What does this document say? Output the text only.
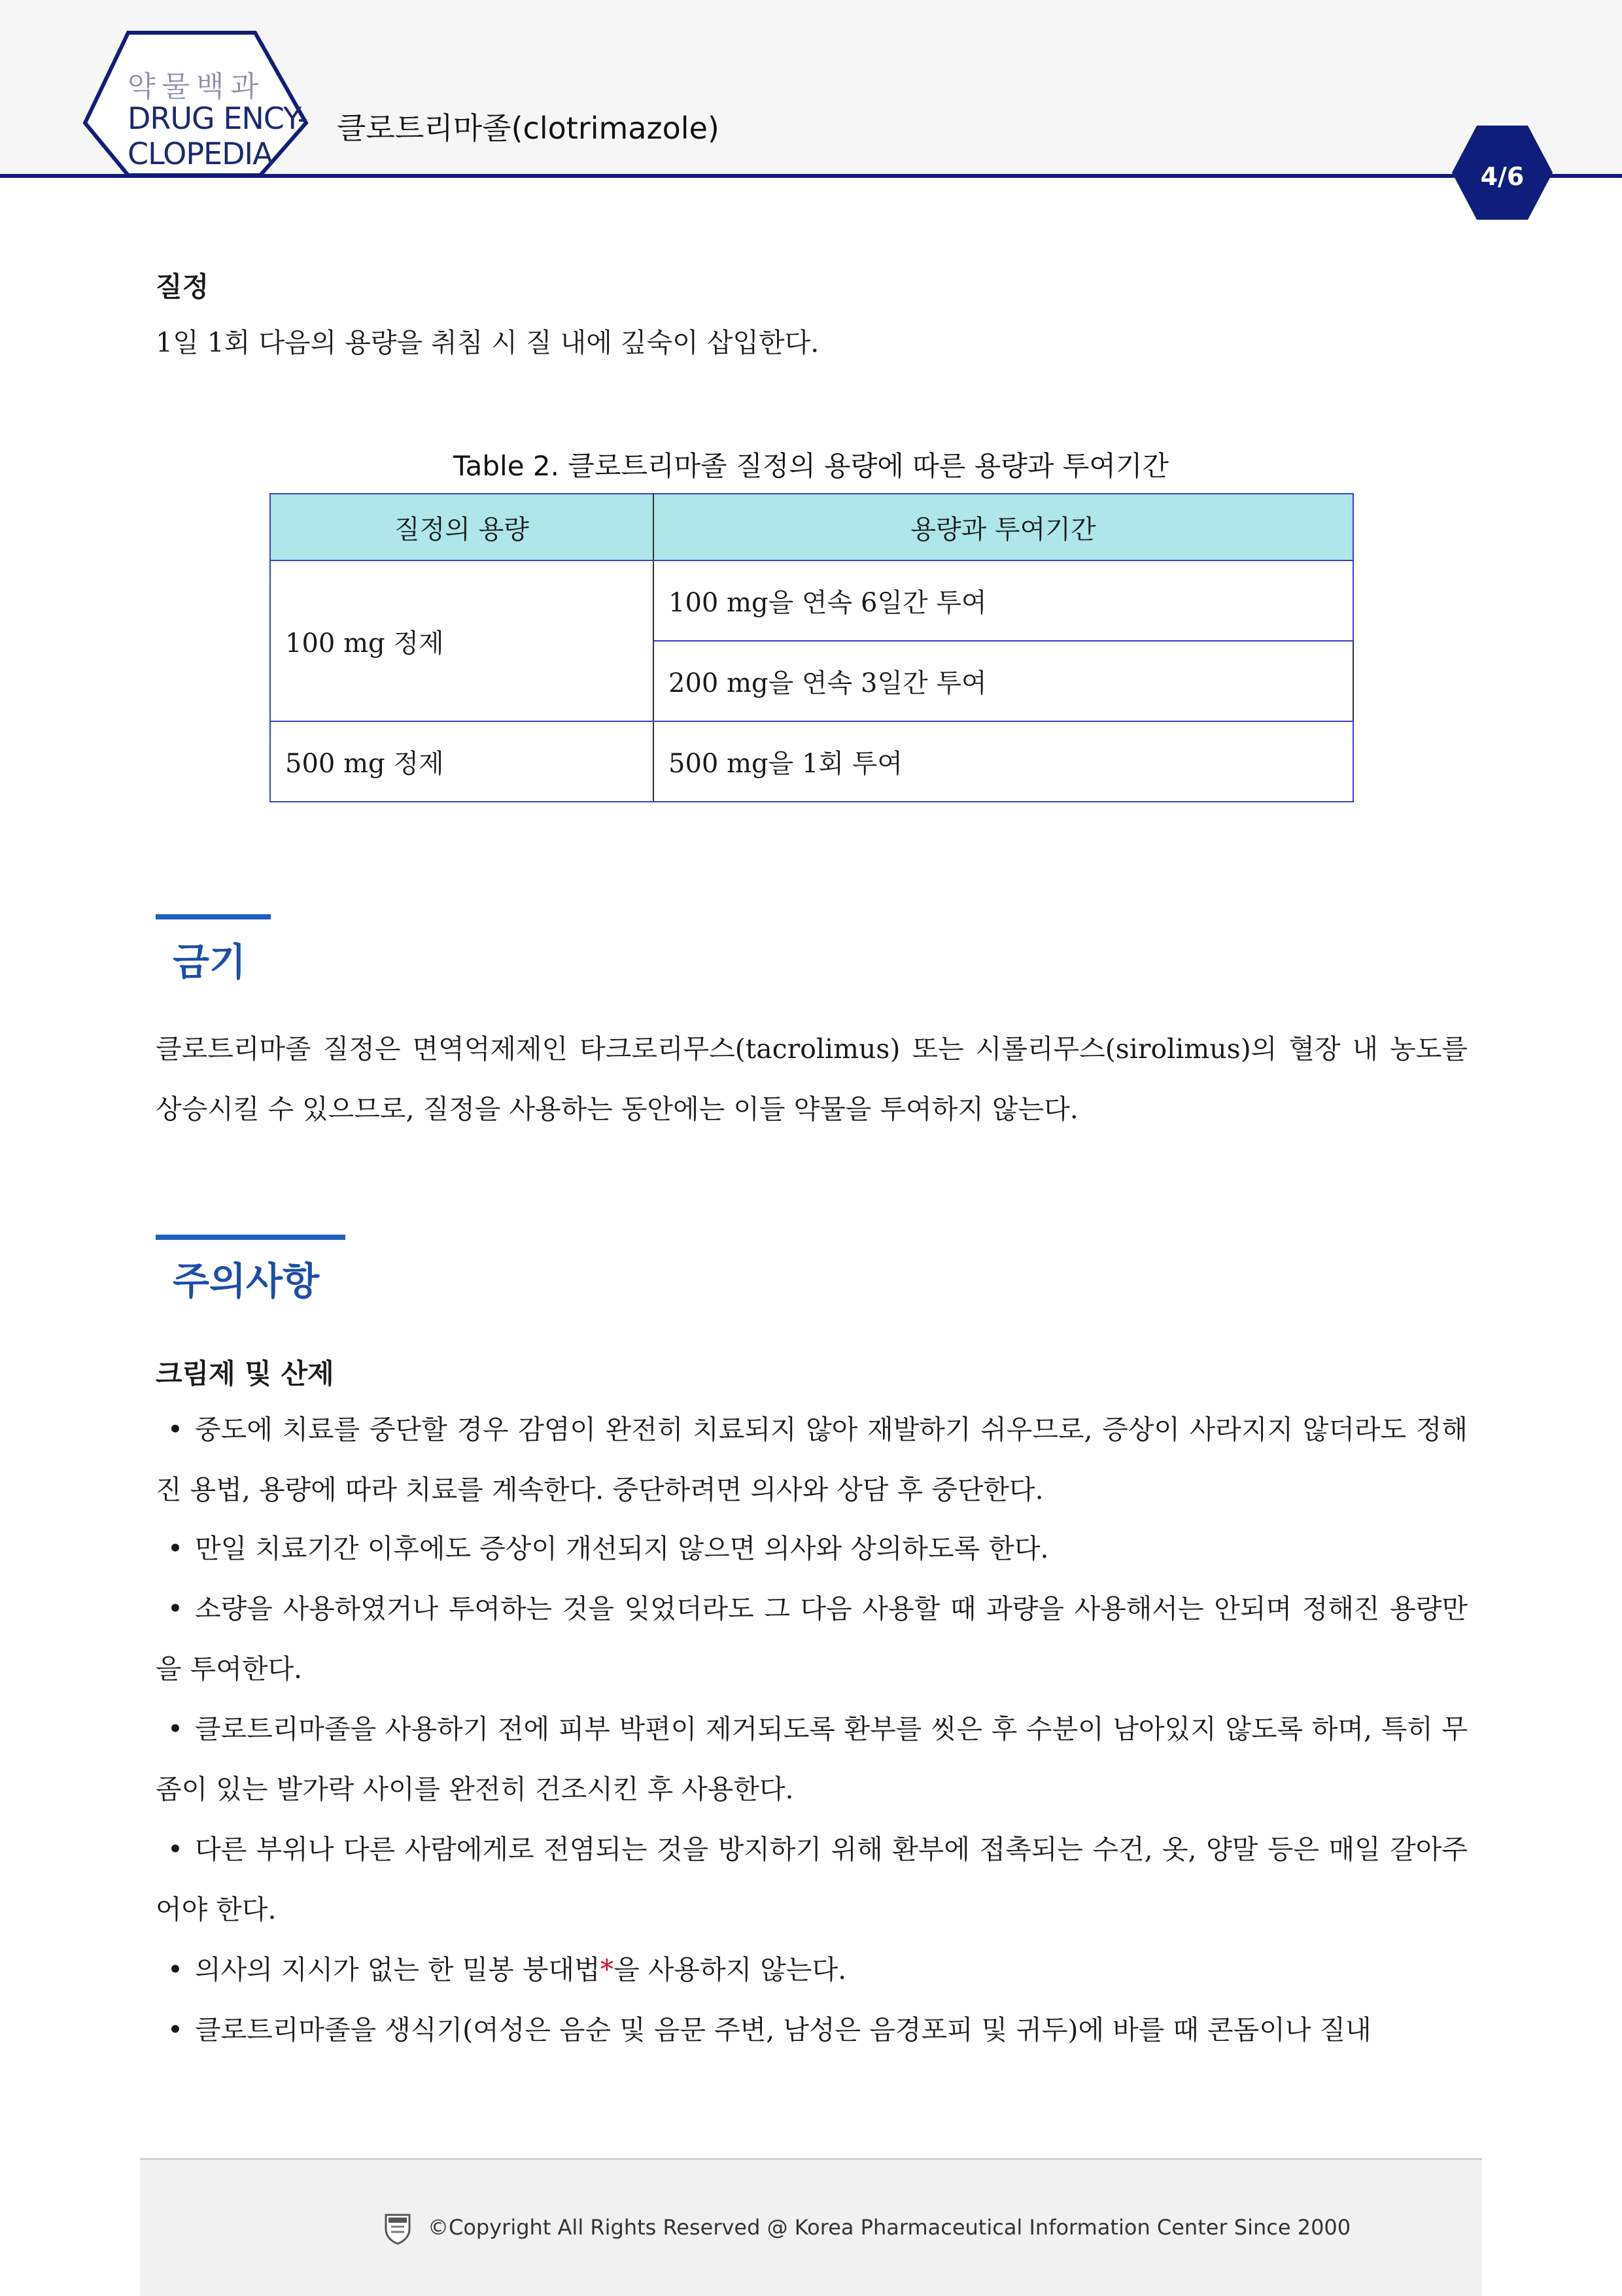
약물백과
DRUG ENCY-
CLOPEDIA
클로트리마졸(clotrimazole)
4/6
질정
1일 1회 다음의 용량을 취침 시 질 내에 깊숙이 삽입한다.
Table 2. 클로트리마졸 질정의 용량에 따른 용량과 투여기간
질정의 용량	용량과 투여기간
100 mg 정제	100 mg을 연속 6일간 투여
	200 mg을 연속 3일간 투여
500 mg 정제	500 mg을 1회 투여
금기
클로트리마졸 질정은 면역억제제인 타크로리무스(tacrolimus) 또는 시롤리무스(sirolimus)의 혈장 내 농도를 상승시킬 수 있으므로, 질정을 사용하는 동안에는 이들 약물을 투여하지 않는다.
주의사항
크림제 및 산제
• 중도에 치료를 중단할 경우 감염이 완전히 치료되지 않아 재발하기 쉬우므로, 증상이 사라지지 않더라도 정해진 용법, 용량에 따라 치료를 계속한다. 중단하려면 의사와 상담 후 중단한다.
• 만일 치료기간 이후에도 증상이 개선되지 않으면 의사와 상의하도록 한다.
• 소량을 사용하였거나 투여하는 것을 잊었더라도 그 다음 사용할 때 과량을 사용해서는 안되며 정해진 용량만을 투여한다.
• 클로트리마졸을 사용하기 전에 피부 박편이 제거되도록 환부를 씻은 후 수분이 남아있지 않도록 하며, 특히 무좀이 있는 발가락 사이를 완전히 건조시킨 후 사용한다.
• 다른 부위나 다른 사람에게로 전염되는 것을 방지하기 위해 환부에 접촉되는 수건, 옷, 양말 등은 매일 갈아주어야 한다.
• 의사의 지시가 없는 한 밀봉 붕대법*을 사용하지 않는다.
• 클로트리마졸을 생식기(여성은 음순 및 음문 주변, 남성은 음경포피 및 귀두)에 바를 때 콘돔이나 질내
©Copyright All Rights Reserved @ Korea Pharmaceutical Information Center Since 2000
